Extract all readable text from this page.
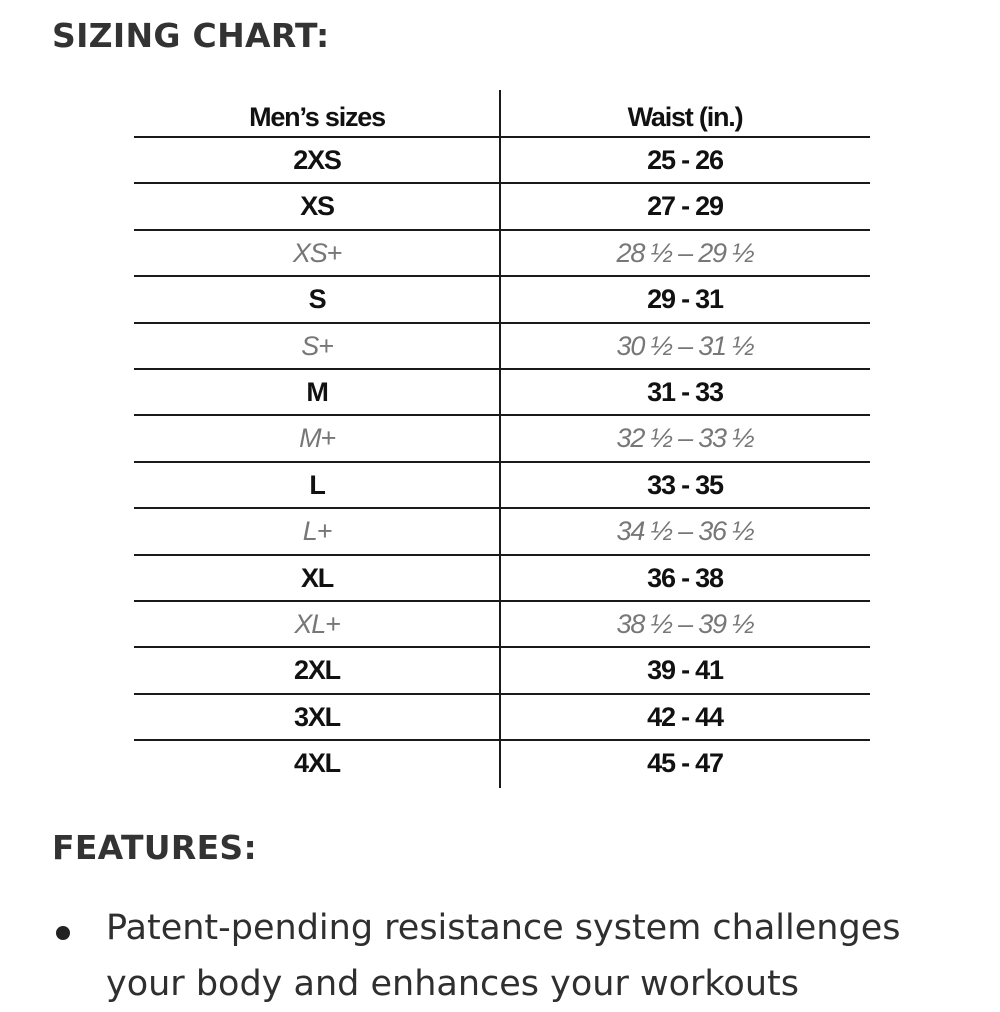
SIZING CHART:
Men’s sizes	Waist (in.)
2XS	25 - 26
XS	27 - 29
XS+	28 ½ – 29 ½
S	29 - 31
S+	30 ½ – 31 ½
M	31 - 33
M+	32 ½ – 33 ½
L	33 - 35
L+	34 ½ – 36 ½
XL	36 - 38
XL+	38 ½ – 39 ½
2XL	39 - 41
3XL	42 - 44
4XL	45 - 47
FEATURES:
Patent-pending resistance system challenges your body and enhances your workouts
